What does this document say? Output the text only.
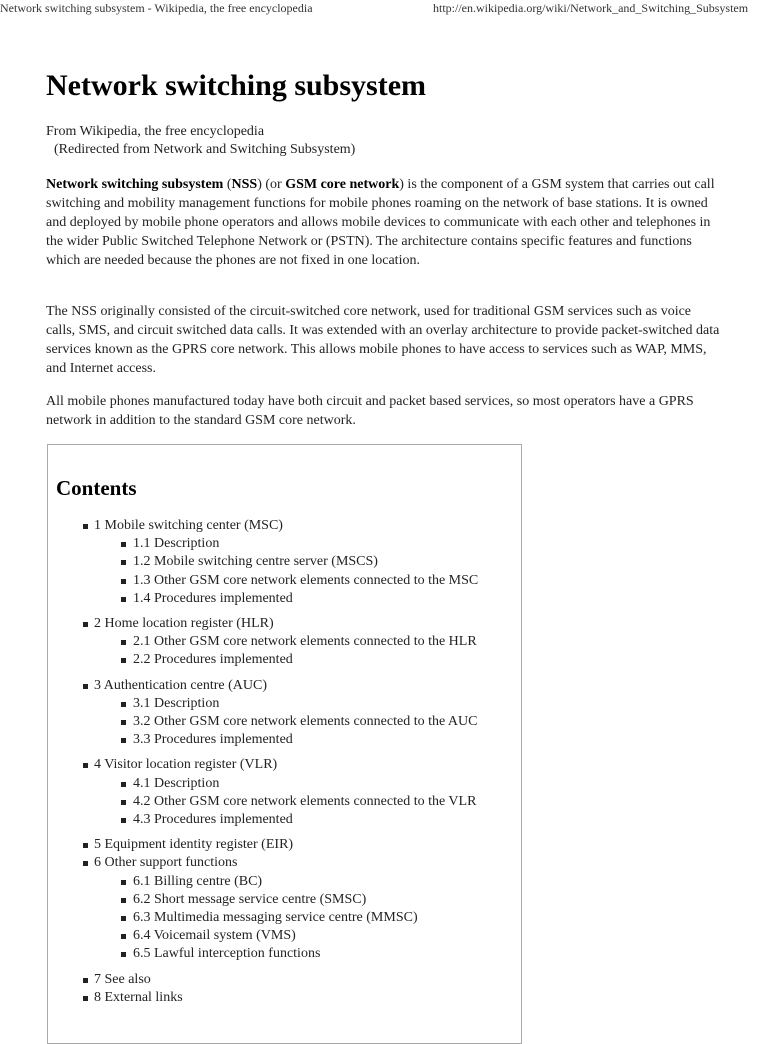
Network switching subsystem - Wikipedia, the free encyclopedia	http://en.wikipedia.org/wiki/Network_and_Switching_Subsystem
Network switching subsystem
From Wikipedia, the free encyclopedia
(Redirected from Network and Switching Subsystem)

Network switching subsystem (NSS) (or GSM core network) is the component of a GSM system that carries out call switching and mobility management functions for mobile phones roaming on the network of base stations. It is owned and deployed by mobile phone operators and allows mobile devices to communicate with each other and telephones in the wider Public Switched Telephone Network or (PSTN). The architecture contains specific features and functions which are needed because the phones are not fixed in one location.

The NSS originally consisted of the circuit-switched core network, used for traditional GSM services such as voice calls, SMS, and circuit switched data calls. It was extended with an overlay architecture to provide packet-switched data services known as the GPRS core network. This allows mobile phones to have access to services such as WAP, MMS, and Internet access.

All mobile phones manufactured today have both circuit and packet based services, so most operators have a GPRS network in addition to the standard GSM core network.

Contents
1 Mobile switching center (MSC)
1.1 Description
1.2 Mobile switching centre server (MSCS)
1.3 Other GSM core network elements connected to the MSC
1.4 Procedures implemented
2 Home location register (HLR)
2.1 Other GSM core network elements connected to the HLR
2.2 Procedures implemented
3 Authentication centre (AUC)
3.1 Description
3.2 Other GSM core network elements connected to the AUC
3.3 Procedures implemented
4 Visitor location register (VLR)
4.1 Description
4.2 Other GSM core network elements connected to the VLR
4.3 Procedures implemented
5 Equipment identity register (EIR)
6 Other support functions
6.1 Billing centre (BC)
6.2 Short message service centre (SMSC)
6.3 Multimedia messaging service centre (MMSC)
6.4 Voicemail system (VMS)
6.5 Lawful interception functions
7 See also
8 External links
